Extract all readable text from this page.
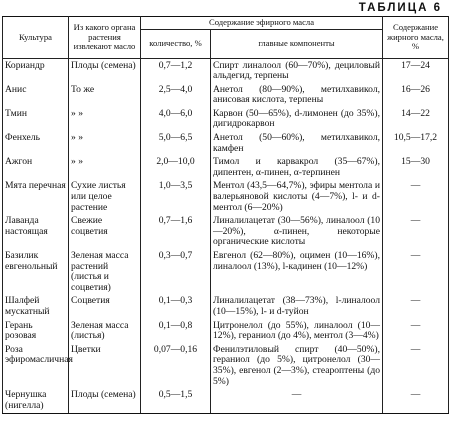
ТАБЛИЦА 6
Культура	Из какого органа растения извлекают масло	Содержание эфирного масла		Содержание жирного масла, %
		количество, %	главные компоненты	
Кориандр	Плоды (семена)	0,7—1,2	Спирт линалоол (60—70%), дециловый альдегид, терпены	17—24
Анис	То же	2,5—4,0	Анетол (80—90%), метилхавикол, анисовая кислота, терпены	16—26
Тмин	» »	4,0—6,0	Карвон (50—65%), d-лимонен (до 35%), дигидрокарвон	14—22
Фенхель	» »	5,0—6,5	Анетол (50—60%), метилхавикол, камфен	10,5—17,2
Ажгон	» »	2,0—10,0	Тимол и карвакрол (35—67%), дипентен, α-пинен, α-терпинен	15—30
Мята перечная	Сухие листья или целое растение	1,0—3,5	Ментол (43,5—64,7%), эфиры ментола и валерьяновой кислоты (4—7%), l- и d-ментол (6—20%)	—
Лаванда настоящая	Свежие соцветия	0,7—1,6	Линалилацетат (30—56%), линалоол (10—20%), α-пинен, некоторые органические кислоты	—
Базилик евгенольный	Зеленая масса растений (листья и соцветия)	0,3—0,7	Евгенол (62—80%), оцимен (10—16%), линалоол (13%), l-кадинен (10—12%)	—
Шалфей мускатный	Соцветия	0,1—0,3	Линалилацетат (38—73%), l-линалоол (10—15%), l- и d-туйон	—
Герань розовая	Зеленая масса (листья)	0,1—0,8	Цитронелол (до 55%), линалоол (10—12%), гераниол (до 4%), ментол (3—4%)	—
Роза эфиромасличная	Цветки	0,07—0,16	Фенилэтиловый спирт (40—50%), гераниол (до 5%), цитронелол (30—35%), евгенол (2—3%), стеароптены (до 5%)	—
Чернушка (нигелла)	Плоды (семена)	0,5—1,5	—	—
